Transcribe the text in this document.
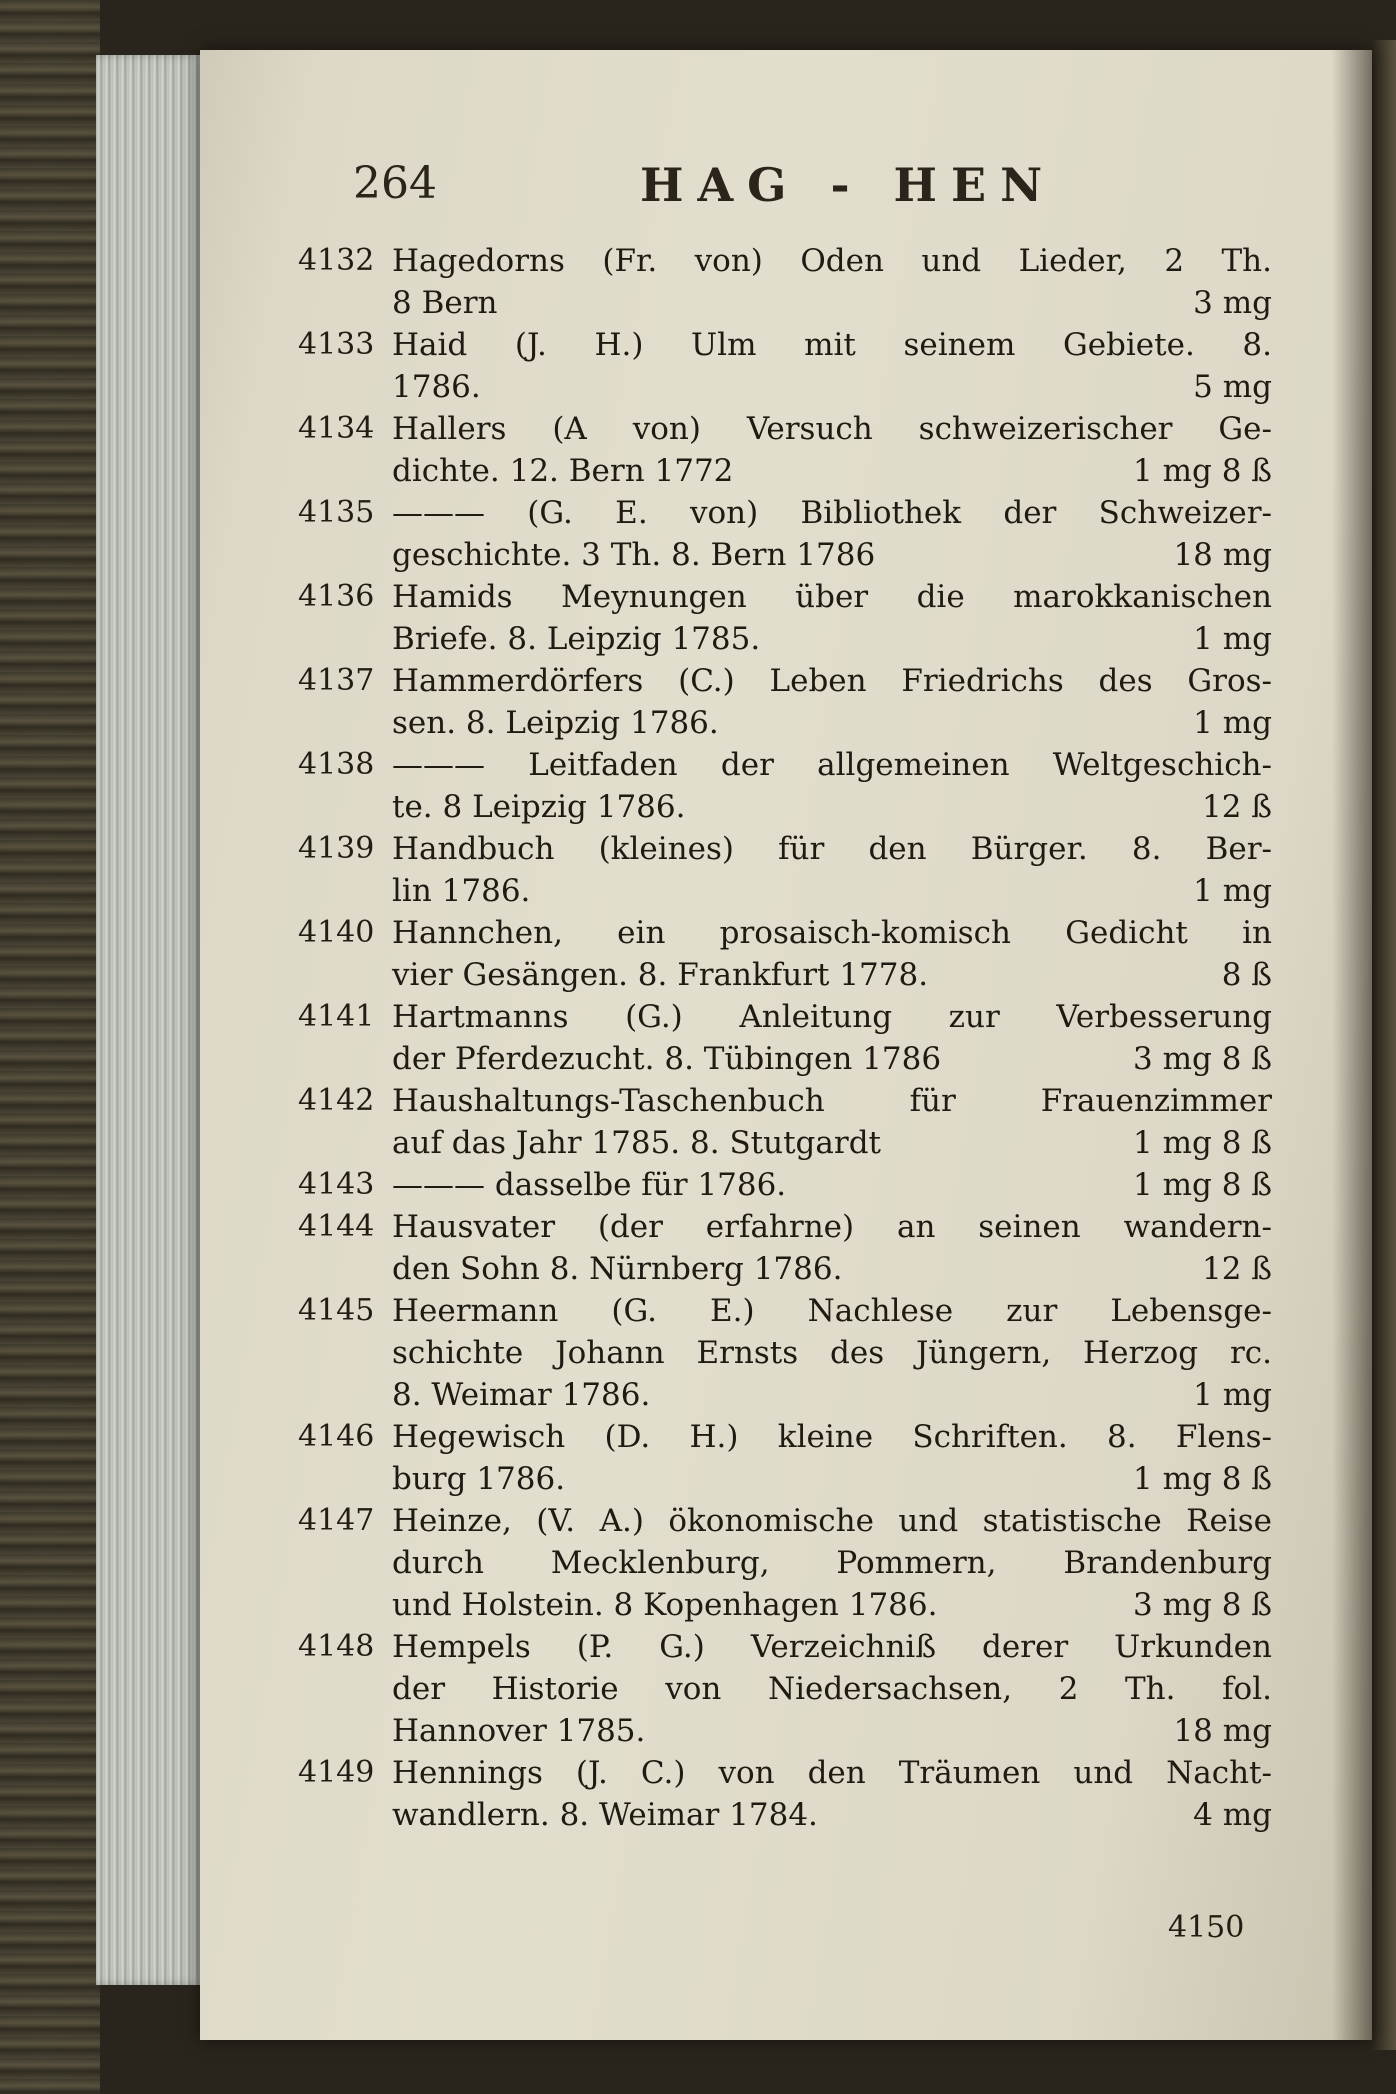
264	HAG - HEN
4132 Hagedorns (Fr. von) Oden und Lieder, 2 Th.
8 Bern	3 mg
4133 Haid (J. H.) Ulm mit seinem Gebiete. 8.
1786.	5 mg
4134 Hallers (A von) Versuch schweizerischer Ge-
dichte. 12. Bern 1772	1 mg 8 ß
4135 ——— (G. E. von) Bibliothek der Schweizer-
geschichte. 3 Th. 8. Bern 1786	18 mg
4136 Hamids Meynungen über die marokkanischen
Briefe. 8. Leipzig 1785.	1 mg
4137 Hammerdörfers (C.) Leben Friedrichs des Gros-
sen. 8. Leipzig 1786.	1 mg
4138 ——— Leitfaden der allgemeinen Weltgeschich-
te. 8 Leipzig 1786.	12 ß
4139 Handbuch (kleines) für den Bürger. 8. Ber-
lin 1786.	1 mg
4140 Hannchen, ein prosaisch-komisch Gedicht in
vier Gesängen. 8. Frankfurt 1778.	8 ß
4141 Hartmanns (G.) Anleitung zur Verbesserung
der Pferdezucht. 8. Tübingen 1786	3 mg 8 ß
4142 Haushaltungs-Taschenbuch für Frauenzimmer
auf das Jahr 1785. 8. Stutgardt	1 mg 8 ß
4143 ——— dasselbe für 1786.	1 mg 8 ß
4144 Hausvater (der erfahrne) an seinen wandern-
den Sohn 8. Nürnberg 1786.	12 ß
4145 Heermann (G. E.) Nachlese zur Lebensge-
schichte Johann Ernsts des Jüngern, Herzog rc.
8. Weimar 1786.	1 mg
4146 Hegewisch (D. H.) kleine Schriften. 8. Flens-
burg 1786.	1 mg 8 ß
4147 Heinze, (V. A.) ökonomische und statistische Reise
durch Mecklenburg, Pommern, Brandenburg
und Holstein. 8 Kopenhagen 1786.	3 mg 8 ß
4148 Hempels (P. G.) Verzeichniß derer Urkunden
der Historie von Niedersachsen, 2 Th. fol.
Hannover 1785.	18 mg
4149 Hennings (J. C.) von den Träumen und Nacht-
wandlern. 8. Weimar 1784.	4 mg
4150
